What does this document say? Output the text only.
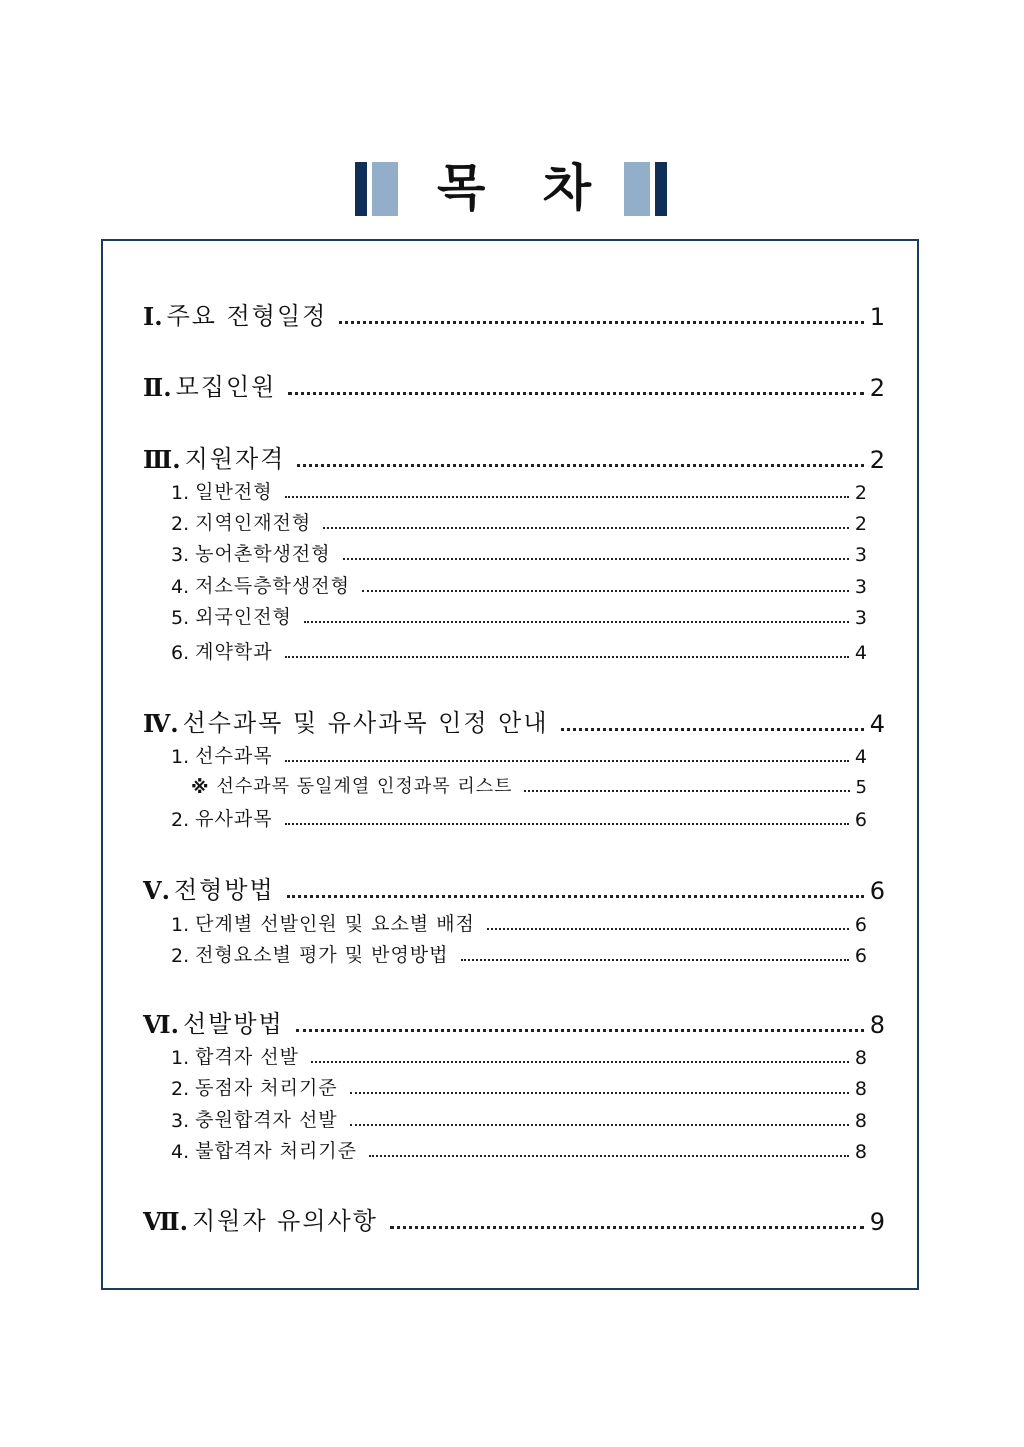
목 차
Ⅰ. 주요 전형일정	1
Ⅱ. 모집인원	2
Ⅲ. 지원자격	2
1. 일반전형	2
2. 지역인재전형	2
3. 농어촌학생전형	3
4. 저소득층학생전형	3
5. 외국인전형	3
6. 계약학과	4
Ⅳ. 선수과목 및 유사과목 인정 안내	4
1. 선수과목	4
※ 선수과목 동일계열 인정과목 리스트	5
2. 유사과목	6
Ⅴ. 전형방법	6
1. 단계별 선발인원 및 요소별 배점	6
2. 전형요소별 평가 및 반영방법	6
Ⅵ. 선발방법	8
1. 합격자 선발	8
2. 동점자 처리기준	8
3. 충원합격자 선발	8
4. 불합격자 처리기준	8
Ⅶ. 지원자 유의사항	9
